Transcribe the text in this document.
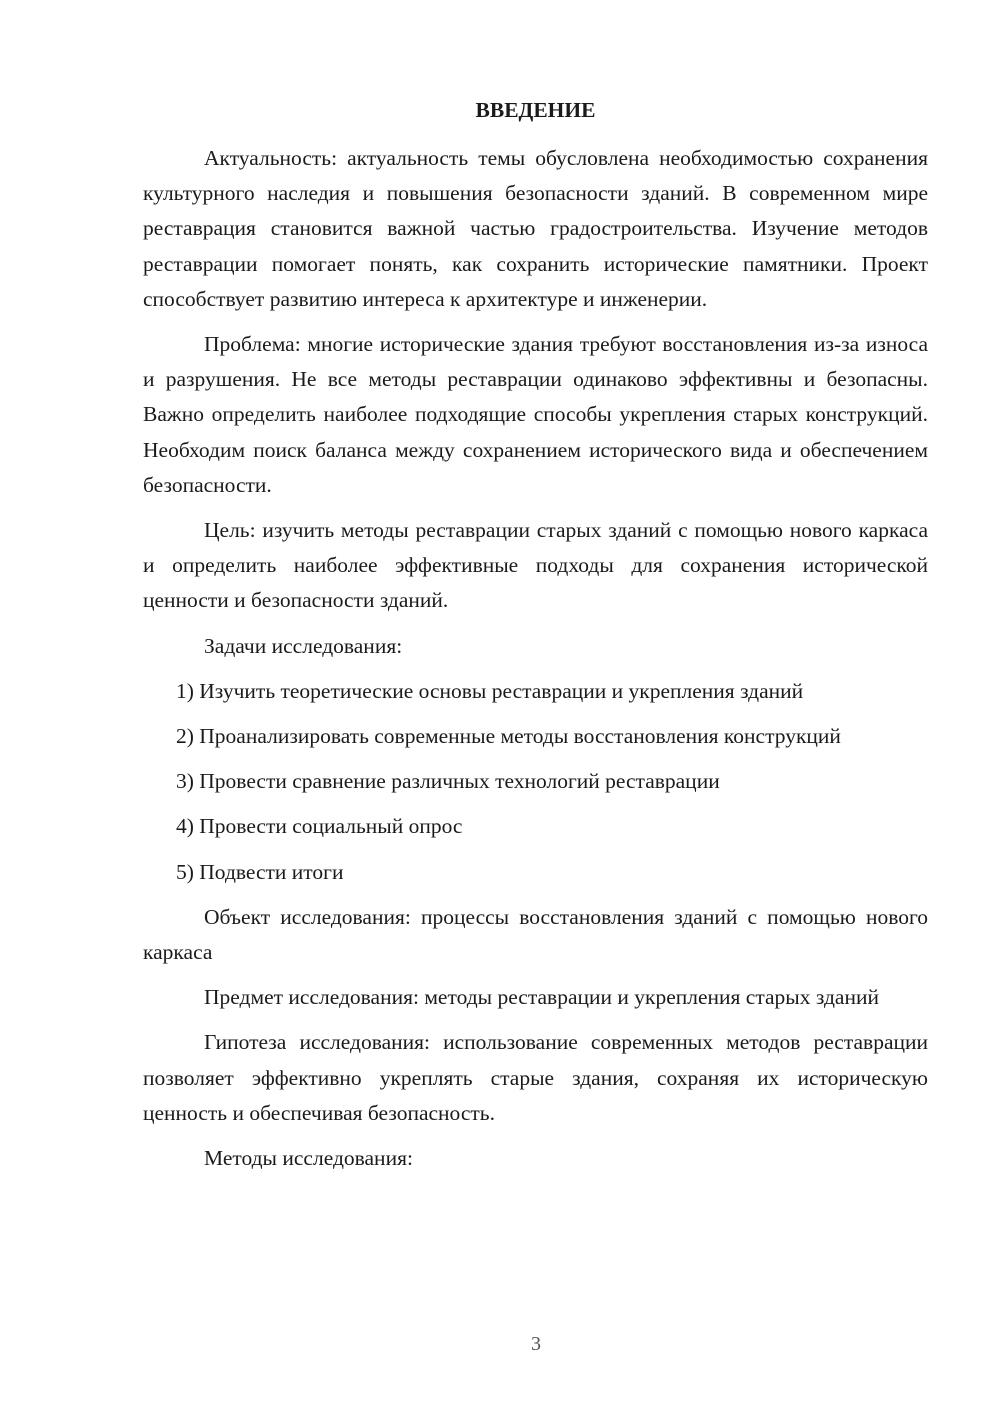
ВВЕДЕНИЕ

Актуальность: актуальность темы обусловлена необходимостью сохранения культурного наследия и повышения безопасности зданий. В современном мире реставрация становится важной частью градостроительства. Изучение методов реставрации помогает понять, как сохранить исторические памятники. Проект способствует развитию интереса к архитектуре и инженерии.

Проблема: многие исторические здания требуют восстановления из-за износа и разрушения. Не все методы реставрации одинаково эффективны и безопасны. Важно определить наиболее подходящие способы укрепления старых конструкций. Необходим поиск баланса между сохранением исторического вида и обеспечением безопасности.

Цель: изучить методы реставрации старых зданий с помощью нового каркаса и определить наиболее эффективные подходы для сохранения исторической ценности и безопасности зданий.

Задачи исследования:

1) Изучить теоретические основы реставрации и укрепления зданий

2) Проанализировать современные методы восстановления конструкций

3) Провести сравнение различных технологий реставрации

4) Провести социальный опрос

5) Подвести итоги

Объект исследования: процессы восстановления зданий с помощью нового каркаса

Предмет исследования: методы реставрации и укрепления старых зданий

Гипотеза исследования: использование современных методов реставрации позволяет эффективно укреплять старые здания, сохраняя их историческую ценность и обеспечивая безопасность.

Методы исследования:

3
